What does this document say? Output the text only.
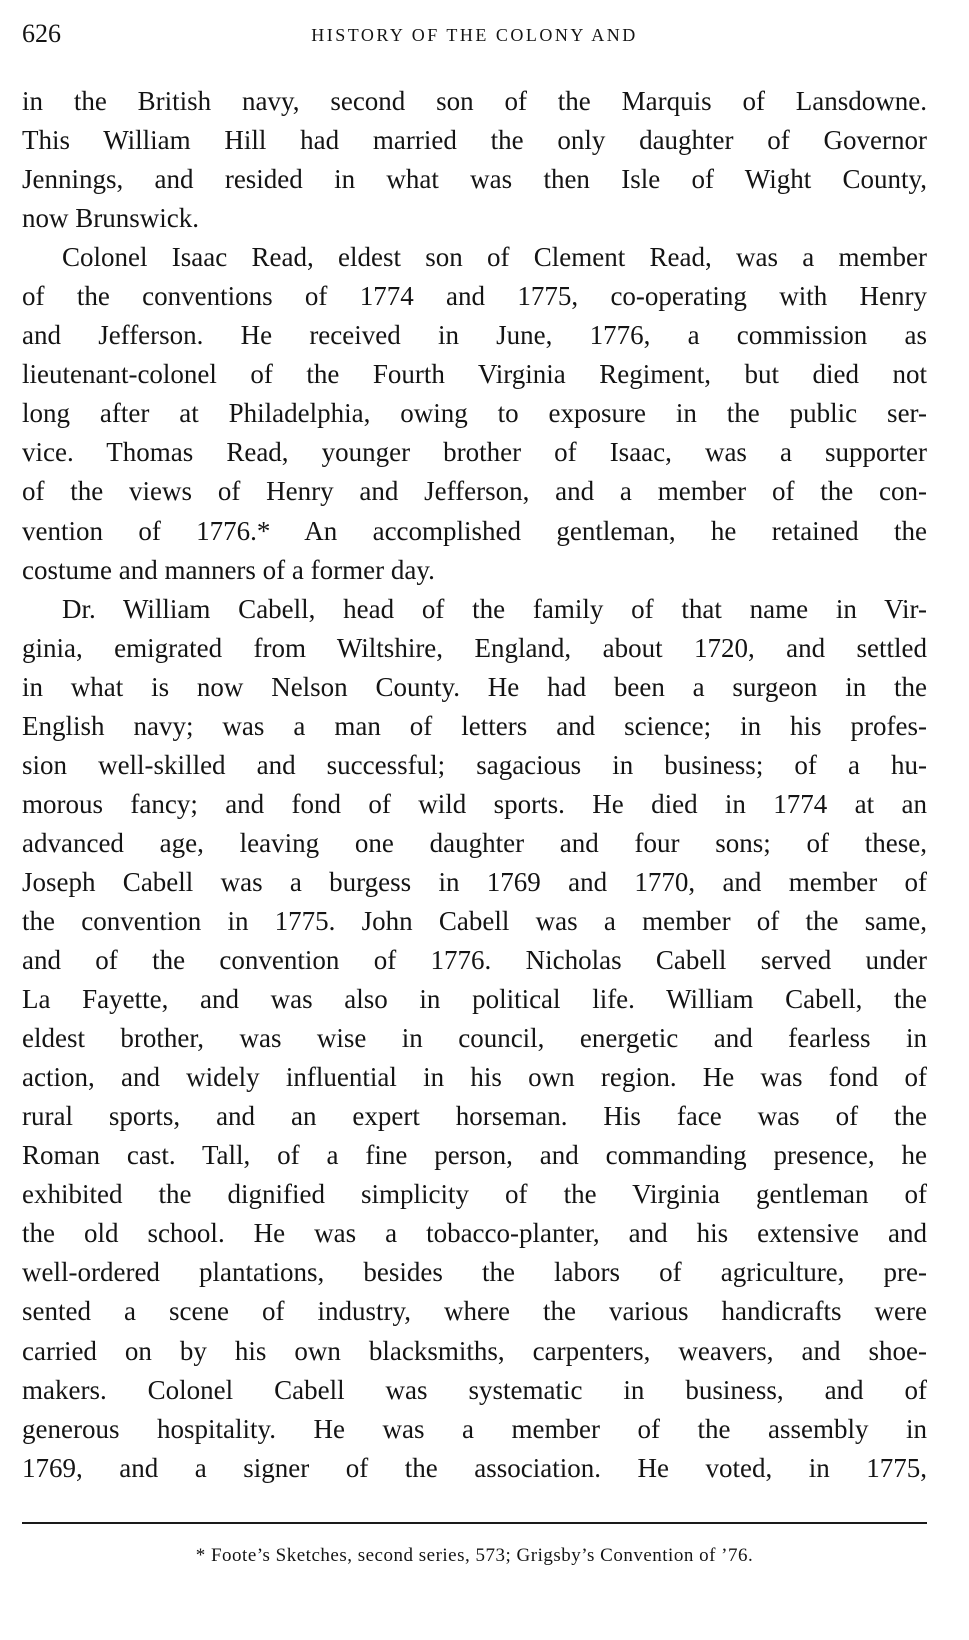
626	HISTORY OF THE COLONY AND
in the British navy, second son of the Marquis of Lansdowne.
This William Hill had married the only daughter of Governor
Jennings, and resided in what was then Isle of Wight County,
now Brunswick.
Colonel Isaac Read, eldest son of Clement Read, was a member
of the conventions of 1774 and 1775, co-operating with Henry
and Jefferson. He received in June, 1776, a commission as
lieutenant-colonel of the Fourth Virginia Regiment, but died not
long after at Philadelphia, owing to exposure in the public ser-
vice. Thomas Read, younger brother of Isaac, was a supporter
of the views of Henry and Jefferson, and a member of the con-
vention of 1776.* An accomplished gentleman, he retained the
costume and manners of a former day.
Dr. William Cabell, head of the family of that name in Vir-
ginia, emigrated from Wiltshire, England, about 1720, and settled
in what is now Nelson County. He had been a surgeon in the
English navy; was a man of letters and science; in his profes-
sion well-skilled and successful; sagacious in business; of a hu-
morous fancy; and fond of wild sports. He died in 1774 at an
advanced age, leaving one daughter and four sons; of these,
Joseph Cabell was a burgess in 1769 and 1770, and member of
the convention in 1775. John Cabell was a member of the same,
and of the convention of 1776. Nicholas Cabell served under
La Fayette, and was also in political life. William Cabell, the
eldest brother, was wise in council, energetic and fearless in
action, and widely influential in his own region. He was fond of
rural sports, and an expert horseman. His face was of the
Roman cast. Tall, of a fine person, and commanding presence, he
exhibited the dignified simplicity of the Virginia gentleman of
the old school. He was a tobacco-planter, and his extensive and
well-ordered plantations, besides the labors of agriculture, pre-
sented a scene of industry, where the various handicrafts were
carried on by his own blacksmiths, carpenters, weavers, and shoe-
makers. Colonel Cabell was systematic in business, and of
generous hospitality. He was a member of the assembly in
1769, and a signer of the association. He voted, in 1775,
* Foote’s Sketches, second series, 573; Grigsby’s Convention of ’76.
